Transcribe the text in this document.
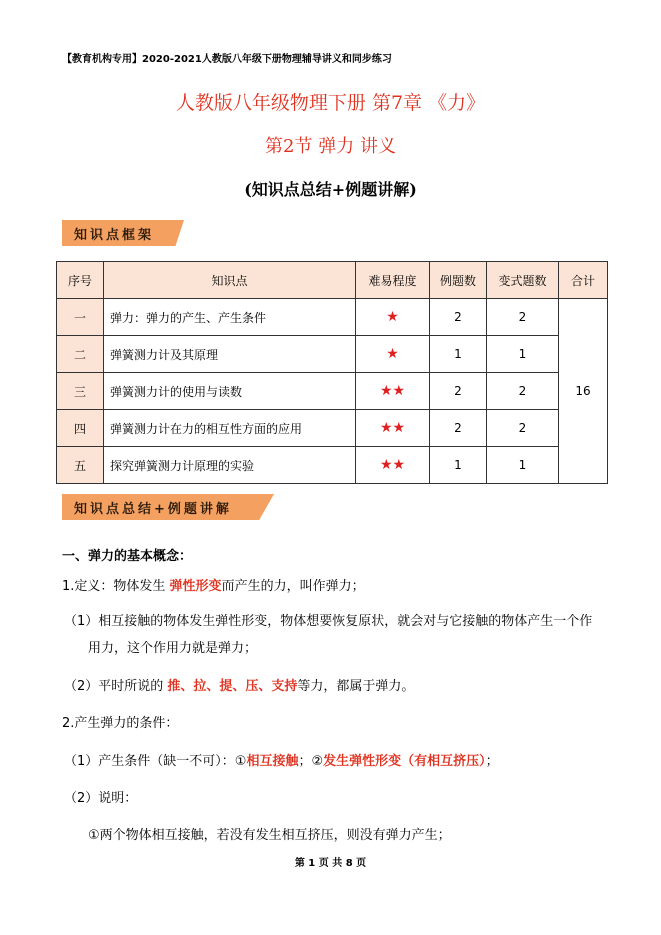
【教育机构专用】2020-2021人教版八年级下册物理辅导讲义和同步练习
人教版八年级物理下册 第7章 《力》
第2节 弹力 讲义
(知识点总结+例题讲解)
知识点框架
序号	知识点	难易程度	例题数	变式题数	合计
一	弹力：弹力的产生、产生条件	★	2	2	16
二	弹簧测力计及其原理	★	1	1	
三	弹簧测力计的使用与读数	★★	2	2	
四	弹簧测力计在力的相互性方面的应用	★★	2	2	
五	探究弹簧测力计原理的实验	★★	1	1	
知识点总结+例题讲解
一、弹力的基本概念：
1.定义：物体发生 弹性形变而产生的力，叫作弹力；
（1）相互接触的物体发生弹性形变，物体想要恢复原状，就会对与它接触的物体产生一个作
用力，这个作用力就是弹力；
（2）平时所说的 推、拉、提、压、支持等力，都属于弹力。
2.产生弹力的条件：
（1）产生条件（缺一不可）：①相互接触；②发生弹性形变（有相互挤压）；
（2）说明：
①两个物体相互接触，若没有发生相互挤压，则没有弹力产生；
第 1 页 共 8 页
